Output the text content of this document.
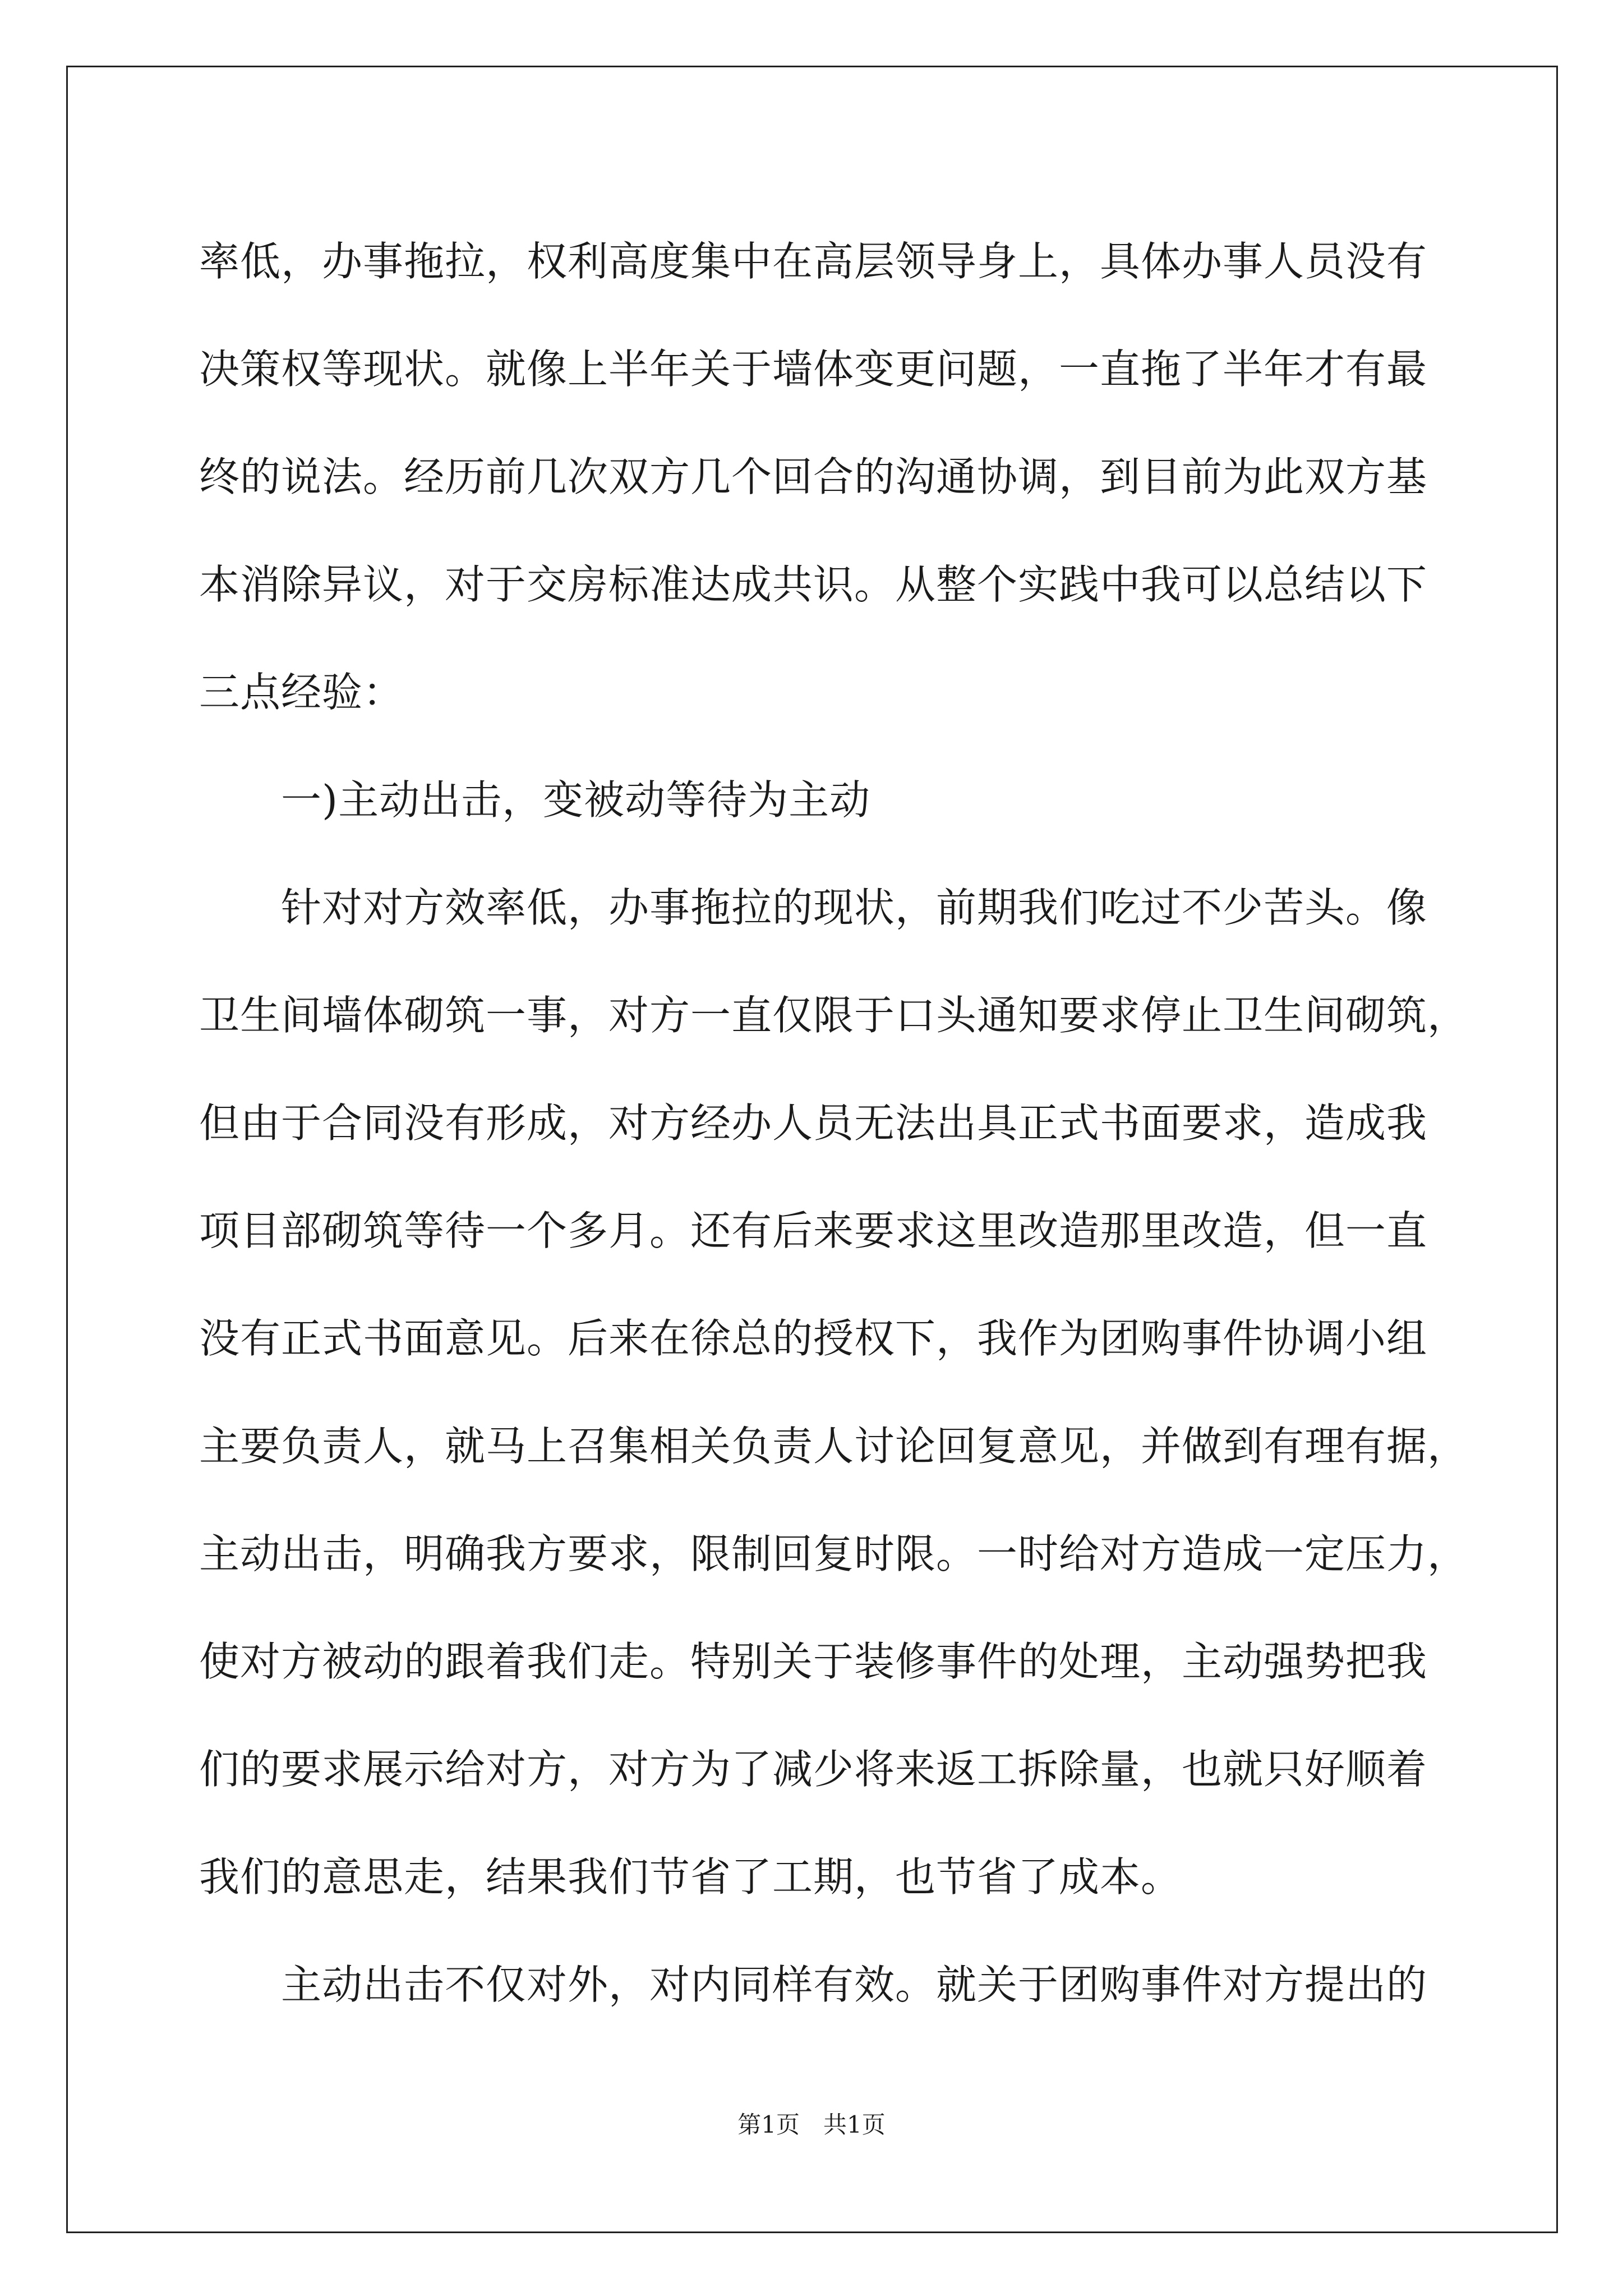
率低，办事拖拉，权利高度集中在高层领导身上，具体办事人员没有
决策权等现状。就像上半年关于墙体变更问题，一直拖了半年才有最
终的说法。经历前几次双方几个回合的沟通协调，到目前为此双方基
本消除异议，对于交房标准达成共识。从整个实践中我可以总结以下
三点经验：
　　一)主动出击，变被动等待为主动
　　针对对方效率低，办事拖拉的现状，前期我们吃过不少苦头。像
卫生间墙体砌筑一事，对方一直仅限于口头通知要求停止卫生间砌筑，
但由于合同没有形成，对方经办人员无法出具正式书面要求，造成我
项目部砌筑等待一个多月。还有后来要求这里改造那里改造，但一直
没有正式书面意见。后来在徐总的授权下，我作为团购事件协调小组
主要负责人，就马上召集相关负责人讨论回复意见，并做到有理有据，
主动出击，明确我方要求，限制回复时限。一时给对方造成一定压力，
使对方被动的跟着我们走。特别关于装修事件的处理，主动强势把我
们的要求展示给对方，对方为了减少将来返工拆除量，也就只好顺着
我们的意思走，结果我们节省了工期，也节省了成本。
　　主动出击不仅对外，对内同样有效。就关于团购事件对方提出的
第1页　共1页
